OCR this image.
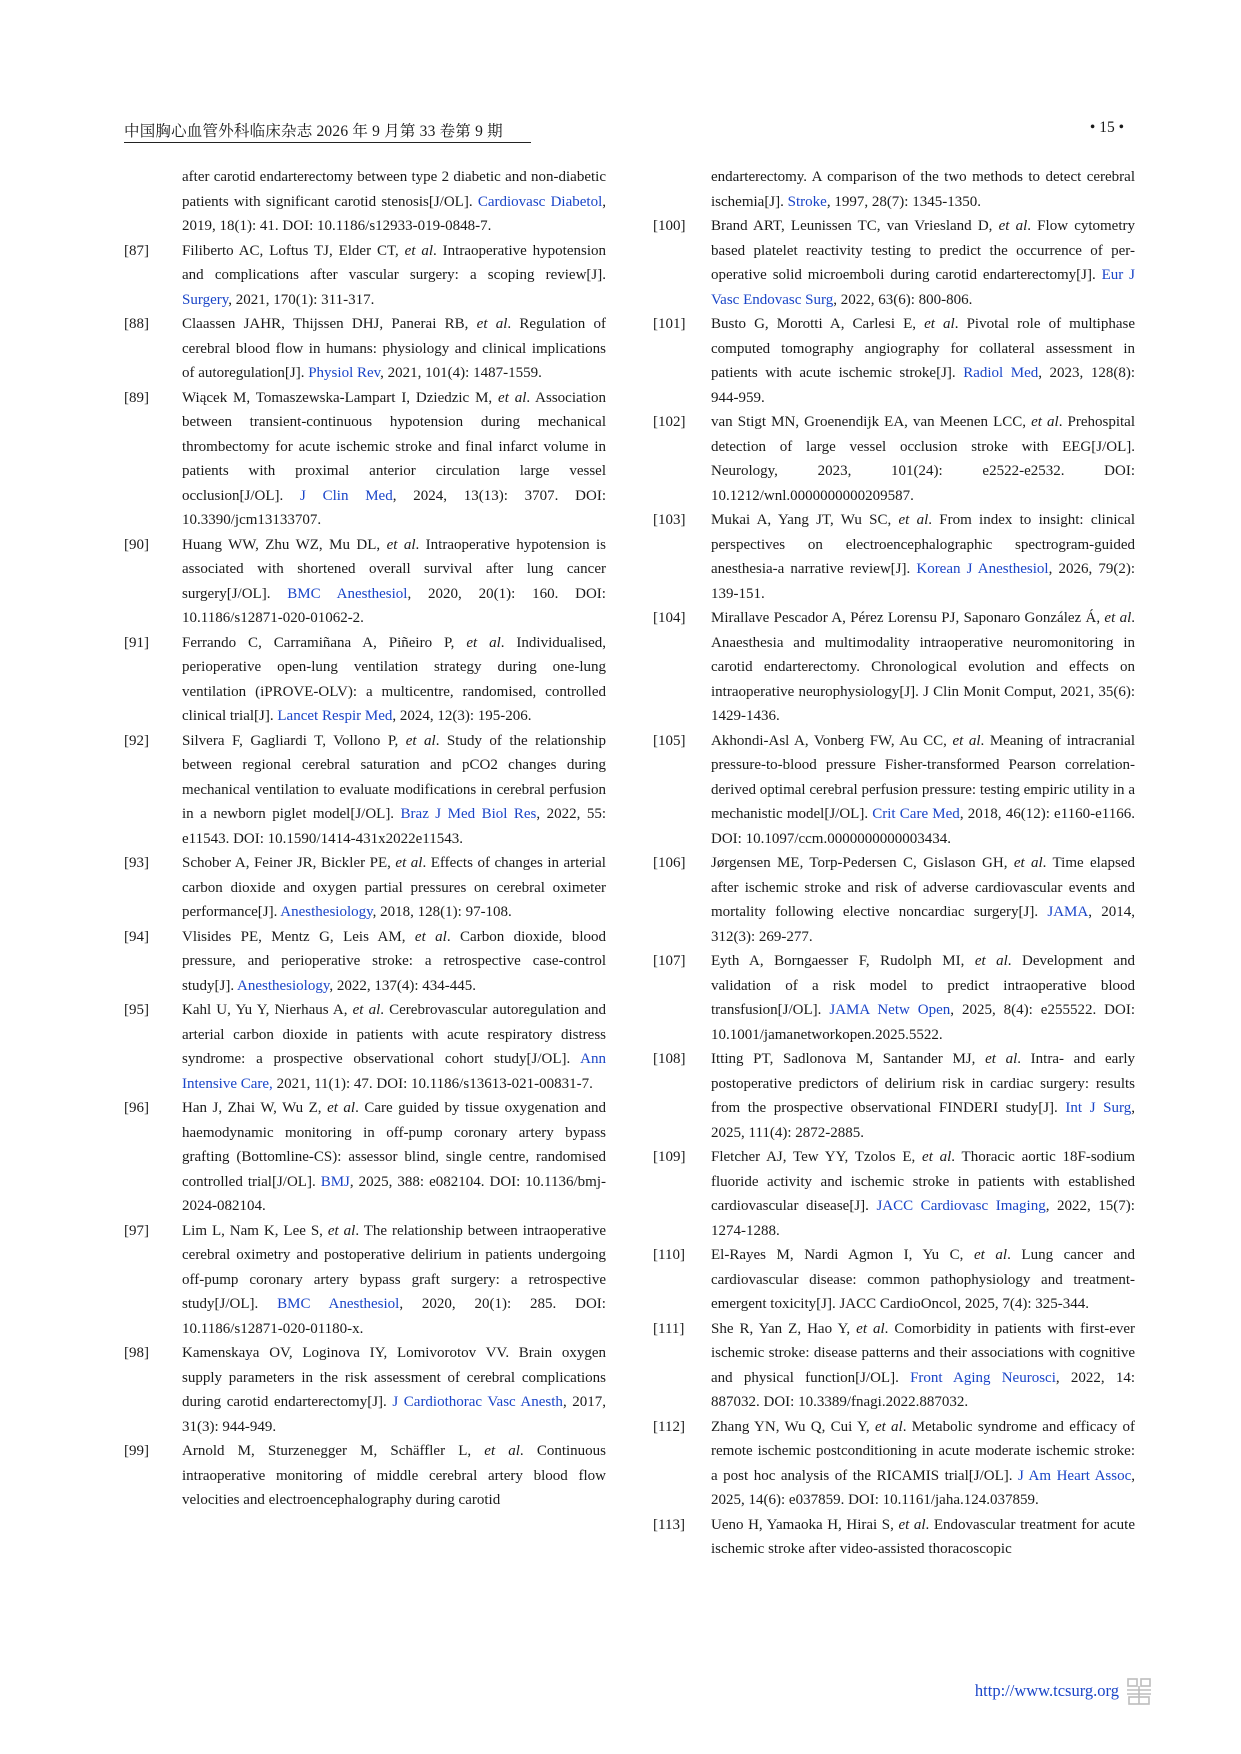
中国胸心血管外科临床杂志 2026 年 9 月第 33 卷第 9 期	• 15 •
after carotid endarterectomy between type 2 diabetic and non-diabetic patients with significant carotid stenosis[J/OL]. Cardiovasc Diabetol, 2019, 18(1): 41. DOI: 10.1186/s12933-019-0848-7.
[87]	Filiberto AC, Loftus TJ, Elder CT, et al. Intraoperative hypotension and complications after vascular surgery: a scoping review[J]. Surgery, 2021, 170(1): 311-317.
[88]	Claassen JAHR, Thijssen DHJ, Panerai RB, et al. Regulation of cerebral blood flow in humans: physiology and clinical implications of autoregulation[J]. Physiol Rev, 2021, 101(4): 1487-1559.
[89]	Wiącek M, Tomaszewska-Lampart I, Dziedzic M, et al. Association between transient-continuous hypotension during mechanical thrombectomy for acute ischemic stroke and final infarct volume in patients with proximal anterior circulation large vessel occlusion[J/OL]. J Clin Med, 2024, 13(13): 3707. DOI: 10.3390/jcm13133707.
[90]	Huang WW, Zhu WZ, Mu DL, et al. Intraoperative hypotension is associated with shortened overall survival after lung cancer surgery[J/OL]. BMC Anesthesiol, 2020, 20(1): 160. DOI: 10.1186/s12871-020-01062-2.
[91]	Ferrando C, Carramiñana A, Piñeiro P, et al. Individualised, perioperative open-lung ventilation strategy during one-lung ventilation (iPROVE-OLV): a multicentre, randomised, controlled clinical trial[J]. Lancet Respir Med, 2024, 12(3): 195-206.
[92]	Silvera F, Gagliardi T, Vollono P, et al. Study of the relationship between regional cerebral saturation and pCO2 changes during mechanical ventilation to evaluate modifications in cerebral perfusion in a newborn piglet model[J/OL]. Braz J Med Biol Res, 2022, 55: e11543. DOI: 10.1590/1414-431x2022e11543.
[93]	Schober A, Feiner JR, Bickler PE, et al. Effects of changes in arterial carbon dioxide and oxygen partial pressures on cerebral oximeter performance[J]. Anesthesiology, 2018, 128(1): 97-108.
[94]	Vlisides PE, Mentz G, Leis AM, et al. Carbon dioxide, blood pressure, and perioperative stroke: a retrospective case-control study[J]. Anesthesiology, 2022, 137(4): 434-445.
[95]	Kahl U, Yu Y, Nierhaus A, et al. Cerebrovascular autoregulation and arterial carbon dioxide in patients with acute respiratory distress syndrome: a prospective observational cohort study[J/OL]. Ann Intensive Care, 2021, 11(1): 47. DOI: 10.1186/s13613-021-00831-7.
[96]	Han J, Zhai W, Wu Z, et al. Care guided by tissue oxygenation and haemodynamic monitoring in off-pump coronary artery bypass grafting (Bottomline-CS): assessor blind, single centre, randomised controlled trial[J/OL]. BMJ, 2025, 388: e082104. DOI: 10.1136/bmj-2024-082104.
[97]	Lim L, Nam K, Lee S, et al. The relationship between intraoperative cerebral oximetry and postoperative delirium in patients undergoing off-pump coronary artery bypass graft surgery: a retrospective study[J/OL]. BMC Anesthesiol, 2020, 20(1): 285. DOI: 10.1186/s12871-020-01180-x.
[98]	Kamenskaya OV, Loginova IY, Lomivorotov VV. Brain oxygen supply parameters in the risk assessment of cerebral complications during carotid endarterectomy[J]. J Cardiothorac Vasc Anesth, 2017, 31(3): 944-949.
[99]	Arnold M, Sturzenegger M, Schäffler L, et al. Continuous intraoperative monitoring of middle cerebral artery blood flow velocities and electroencephalography during carotid
endarterectomy. A comparison of the two methods to detect cerebral ischemia[J]. Stroke, 1997, 28(7): 1345-1350.
[100]	Brand ART, Leunissen TC, van Vriesland D, et al. Flow cytometry based platelet reactivity testing to predict the occurrence of per-operative solid microemboli during carotid endarterectomy[J]. Eur J Vasc Endovasc Surg, 2022, 63(6): 800-806.
[101]	Busto G, Morotti A, Carlesi E, et al. Pivotal role of multiphase computed tomography angiography for collateral assessment in patients with acute ischemic stroke[J]. Radiol Med, 2023, 128(8): 944-959.
[102]	van Stigt MN, Groenendijk EA, van Meenen LCC, et al. Prehospital detection of large vessel occlusion stroke with EEG[J/OL]. Neurology, 2023, 101(24): e2522-e2532. DOI: 10.1212/wnl.0000000000209587.
[103]	Mukai A, Yang JT, Wu SC, et al. From index to insight: clinical perspectives on electroencephalographic spectrogram-guided anesthesia-a narrative review[J]. Korean J Anesthesiol, 2026, 79(2): 139-151.
[104]	Mirallave Pescador A, Pérez Lorensu PJ, Saponaro González Á, et al. Anaesthesia and multimodality intraoperative neuromonitoring in carotid endarterectomy. Chronological evolution and effects on intraoperative neurophysiology[J]. J Clin Monit Comput, 2021, 35(6): 1429-1436.
[105]	Akhondi-Asl A, Vonberg FW, Au CC, et al. Meaning of intracranial pressure-to-blood pressure Fisher-transformed Pearson correlation-derived optimal cerebral perfusion pressure: testing empiric utility in a mechanistic model[J/OL]. Crit Care Med, 2018, 46(12): e1160-e1166. DOI: 10.1097/ccm.0000000000003434.
[106]	Jørgensen ME, Torp-Pedersen C, Gislason GH, et al. Time elapsed after ischemic stroke and risk of adverse cardiovascular events and mortality following elective noncardiac surgery[J]. JAMA, 2014, 312(3): 269-277.
[107]	Eyth A, Borngaesser F, Rudolph MI, et al. Development and validation of a risk model to predict intraoperative blood transfusion[J/OL]. JAMA Netw Open, 2025, 8(4): e255522. DOI: 10.1001/jamanetworkopen.2025.5522.
[108]	Itting PT, Sadlonova M, Santander MJ, et al. Intra- and early postoperative predictors of delirium risk in cardiac surgery: results from the prospective observational FINDERI study[J]. Int J Surg, 2025, 111(4): 2872-2885.
[109]	Fletcher AJ, Tew YY, Tzolos E, et al. Thoracic aortic 18F-sodium fluoride activity and ischemic stroke in patients with established cardiovascular disease[J]. JACC Cardiovasc Imaging, 2022, 15(7): 1274-1288.
[110]	El-Rayes M, Nardi Agmon I, Yu C, et al. Lung cancer and cardiovascular disease: common pathophysiology and treatment-emergent toxicity[J]. JACC CardioOncol, 2025, 7(4): 325-344.
[111]	She R, Yan Z, Hao Y, et al. Comorbidity in patients with first-ever ischemic stroke: disease patterns and their associations with cognitive and physical function[J/OL]. Front Aging Neurosci, 2022, 14: 887032. DOI: 10.3389/fnagi.2022.887032.
[112]	Zhang YN, Wu Q, Cui Y, et al. Metabolic syndrome and efficacy of remote ischemic postconditioning in acute moderate ischemic stroke: a post hoc analysis of the RICAMIS trial[J/OL]. J Am Heart Assoc, 2025, 14(6): e037859. DOI: 10.1161/jaha.124.037859.
[113]	Ueno H, Yamaoka H, Hirai S, et al. Endovascular treatment for acute ischemic stroke after video-assisted thoracoscopic
http://www.tcsurg.org
